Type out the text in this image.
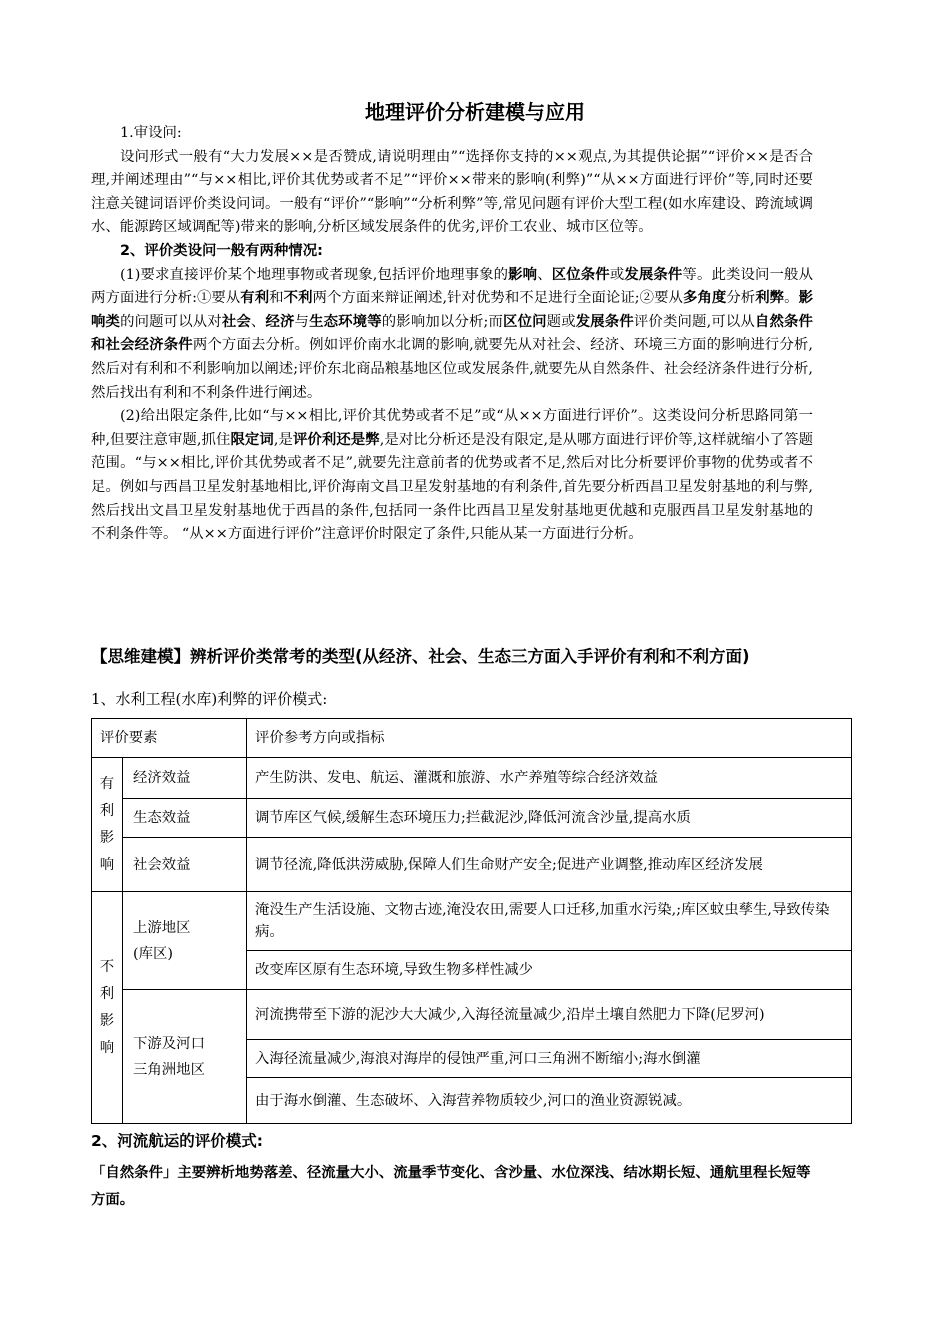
地理评价分析建模与应用

1.审设问:

设问形式一般有“大力发展××是否赞成,请说明理由”“选择你支持的××观点,为其提供论据”“评价××是否合理,并阐述理由”“与××相比,评价其优势或者不足”“评价××带来的影响(利弊)”“从××方面进行评价”等,同时还要注意关键词语评价类设问词。一般有“评价”“影响”“分析利弊”等,常见问题有评价大型工程(如水库建设、跨流域调水、能源跨区域调配等)带来的影响,分析区域发展条件的优劣,评价工农业、城市区位等。

2、评价类设问一般有两种情况:

(1)要求直接评价某个地理事物或者现象,包括评价地理事象的影响、区位条件或发展条件等。此类设问一般从两方面进行分析:①要从有利和不利两个方面来辩证阐述,针对优势和不足进行全面论证;②要从多角度分析利弊。影响类的问题可以从对社会、经济与生态环境等的影响加以分析;而区位问题或发展条件评价类问题,可以从自然条件和社会经济条件两个方面去分析。例如评价南水北调的影响,就要先从对社会、经济、环境三方面的影响进行分析,然后对有利和不利影响加以阐述;评价东北商品粮基地区位或发展条件,就要先从自然条件、社会经济条件进行分析,然后找出有利和不利条件进行阐述。

(2)给出限定条件,比如“与××相比,评价其优势或者不足”或“从××方面进行评价”。这类设问分析思路同第一种,但要注意审题,抓住限定词,是评价利还是弊,是对比分析还是没有限定,是从哪方面进行评价等,这样就缩小了答题范围。“与××相比,评价其优势或者不足”,就要先注意前者的优势或者不足,然后对比分析要评价事物的优势或者不足。例如与西昌卫星发射基地相比,评价海南文昌卫星发射基地的有利条件,首先要分析西昌卫星发射基地的利与弊,然后找出文昌卫星发射基地优于西昌的条件,包括同一条件比西昌卫星发射基地更优越和克服西昌卫星发射基地的不利条件等。 “从××方面进行评价”注意评价时限定了条件,只能从某一方面进行分析。

【思维建模】辨析评价类常考的类型(从经济、社会、生态三方面入手评价有利和不利方面)
1、水利工程(水库)利弊的评价模式:
评价要素		评价参考方向或指标
有利影响	经济效益	产生防洪、发电、航运、灌溉和旅游、水产养殖等综合经济效益
	生态效益	调节库区气候,缓解生态环境压力;拦截泥沙,降低河流含沙量,提高水质
	社会效益	调节径流,降低洪涝威胁,保障人们生命财产安全;促进产业调整,推动库区经济发展
不利影响	上游地区(库区)	淹没生产生活设施、文物古迹,淹没农田,需要人口迁移,加重水污染,;库区蚊虫孳生,导致传染病。
		改变库区原有生态环境,导致生物多样性减少
	下游及河口三角洲地区	河流携带至下游的泥沙大大减少,入海径流量减少,沿岸土壤自然肥力下降(尼罗河)
		入海径流量减少,海浪对海岸的侵蚀严重,河口三角洲不断缩小;海水倒灌
		由于海水倒灌、生态破坏、入海营养物质较少,河口的渔业资源锐减。
2、河流航运的评价模式:
「自然条件」主要辨析地势落差、径流量大小、流量季节变化、含沙量、水位深浅、结冰期长短、通航里程长短等方面。
